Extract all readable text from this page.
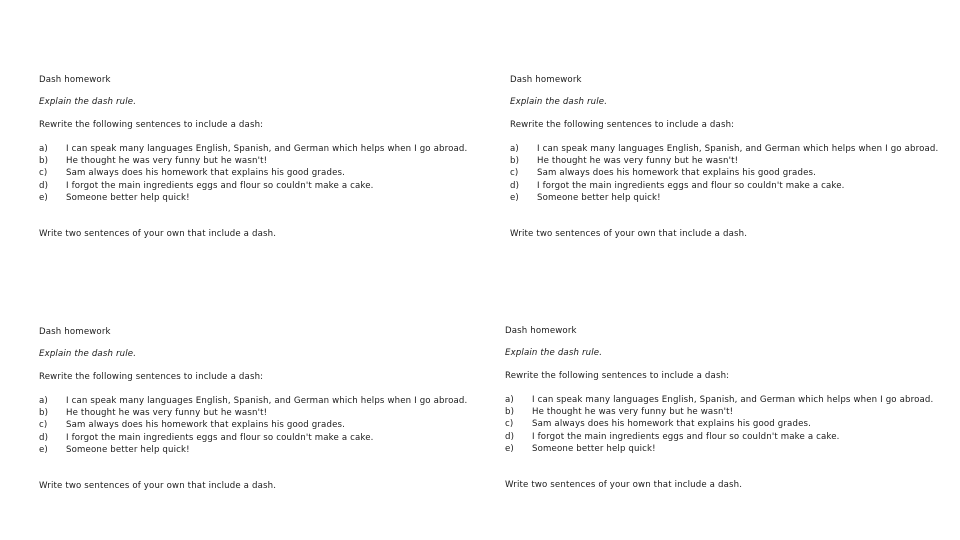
Dash homework
Explain the dash rule.
Rewrite the following sentences to include a dash:
a)	I can speak many languages English, Spanish, and German which helps when I go abroad.
b)	He thought he was very funny but he wasn't!
c)	Sam always does his homework that explains his good grades.
d)	I forgot the main ingredients eggs and flour so couldn't make a cake.
e)	Someone better help quick!
Write two sentences of your own that include a dash.
Dash homework
Explain the dash rule.
Rewrite the following sentences to include a dash:
a)	I can speak many languages English, Spanish, and German which helps when I go abroad.
b)	He thought he was very funny but he wasn't!
c)	Sam always does his homework that explains his good grades.
d)	I forgot the main ingredients eggs and flour so couldn't make a cake.
e)	Someone better help quick!
Write two sentences of your own that include a dash.
Dash homework
Explain the dash rule.
Rewrite the following sentences to include a dash:
a)	I can speak many languages English, Spanish, and German which helps when I go abroad.
b)	He thought he was very funny but he wasn't!
c)	Sam always does his homework that explains his good grades.
d)	I forgot the main ingredients eggs and flour so couldn't make a cake.
e)	Someone better help quick!
Write two sentences of your own that include a dash.
Dash homework
Explain the dash rule.
Rewrite the following sentences to include a dash:
a)	I can speak many languages English, Spanish, and German which helps when I go abroad.
b)	He thought he was very funny but he wasn't!
c)	Sam always does his homework that explains his good grades.
d)	I forgot the main ingredients eggs and flour so couldn't make a cake.
e)	Someone better help quick!
Write two sentences of your own that include a dash.
